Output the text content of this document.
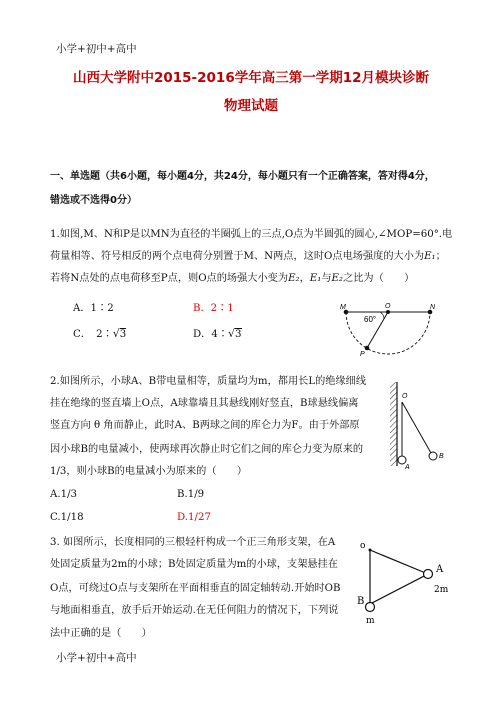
小学+初中+高中
山西大学附中2015-2016学年高三第一学期12月模块诊断
物理试题
一、单选题（共6小题，每小题4分，共24分，每小题只有一个正确答案，答对得4分，
错选或不选得0分）
1.如图,M、N和P是以MN为直径的半圈弧上的三点,O点为半圆弧的圆心,∠MOP=60°.电
荷量相等、符号相反的两个点电荷分别置于M、N两点，这时O点电场强度的大小为E₁；
若将N点处的点电荷移至P点，则O点的场强大小变为E₂，E₁与E₂之比为（　　）
A．1∶2	B．2∶1
C．　2∶√3	D．4∶√3
M	O	N
P
60°
2.如图所示，小球A、B带电量相等，质量均为m，都用长L的绝缘细线
挂在绝缘的竖直墙上O点，A球靠墙且其悬线刚好竖直，B球悬线偏离
竖直方向 θ 角而静止，此时A、B两球之间的库仑力为F。由于外部原
因小球B的电量减小，使两球再次静止时它们之间的库仑力变为原来的
1/3，则小球B的电量减小为原来的（　　）
A.1/3	B.1/9
C.1/18	D.1/27
O
A
B
3. 如图所示，长度相同的三根轻杆构成一个正三角形支架，在A
处固定质量为2m的小球；B处固定质量为m的小球，支架悬挂在
O点，可绕过O点与支架所在平面相垂直的固定轴转动.开始时OB
与地面相垂直，放手后开始运动.在无任何阻力的情况下，下列说
法中正确的是（　　）
o
A
2m
B
m
小学+初中+高中
